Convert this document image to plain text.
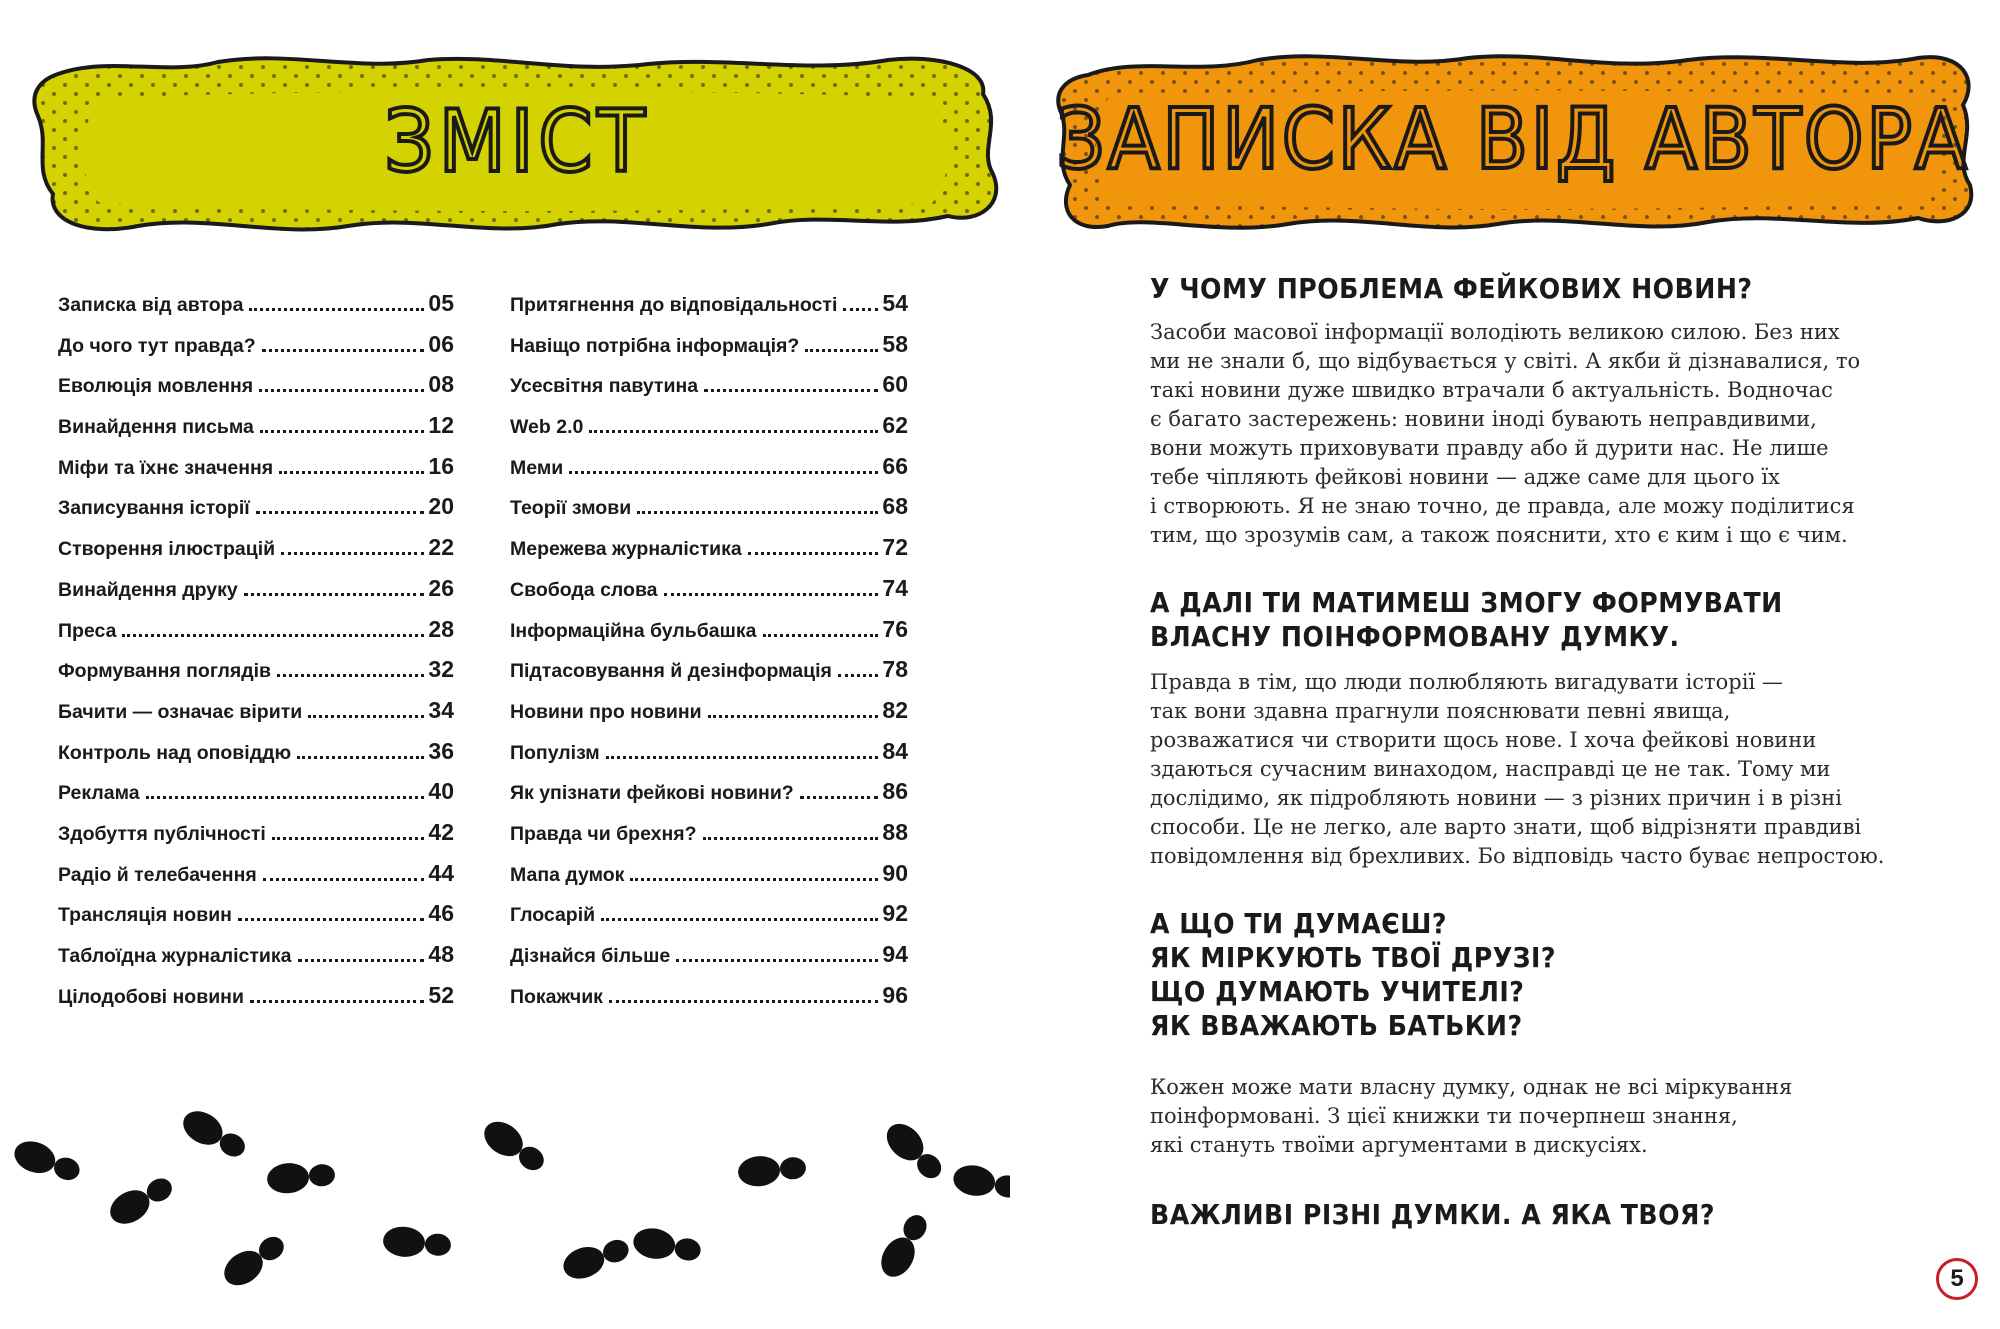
ЗМІСТ	ЗАПИСКА ВІД АВТОРА
Записка від автора	05
До чого тут правда?	06
Еволюція мовлення	08
Винайдення письма	12
Міфи та їхнє значення	16
Записування історії	20
Створення ілюстрацій	22
Винайдення друку	26
Преса	28
Формування поглядів	32
Бачити — означає вірити	34
Контроль над оповіддю	36
Реклама	40
Здобуття публічності	42
Радіо й телебачення	44
Трансляція новин	46
Таблоїдна журналістика	48
Цілодобові новини	52
Притягнення до відповідальності 54
Навіщо потрібна інформація?	58
Усесвітня павутина	60
Web 2.0	62
Меми	66
Теорії змови	68
Мережева журналістика	72
Свобода слова	74
Інформаційна бульбашка	76
Підтасовування й дезінформація 78
Новини про новини	82
Популізм	84
Як упізнати фейкові новини?	86
Правда чи брехня?	88
Мапа думок	90
Глосарій	92
Дізнайся більше	94
Покажчик	96
У ЧОМУ ПРОБЛЕМА ФЕЙКОВИХ НОВИН?

Засоби масової інформації володіють великою силою. Без них
ми не знали б, що відбувається у світі. А якби й дізнавалися, то
такі новини дуже швидко втрачали б актуальність. Водночас
є багато застережень: новини іноді бувають неправдивими,
вони можуть приховувати правду або й дурити нас. Не лише
тебе чіпляють фейкові новини — адже саме для цього їх
і створюють. Я не знаю точно, де правда, але можу поділитися
тим, що зрозумів сам, а також пояснити, хто є ким і що є чим.

А ДАЛІ ТИ МАТИМЕШ ЗМОГУ ФОРМУВАТИ
ВЛАСНУ ПОІНФОРМОВАНУ ДУМКУ.

Правда в тім, що люди полюбляють вигадувати історії —
так вони здавна прагнули пояснювати певні явища,
розважатися чи створити щось нове. І хоча фейкові новини
здаються сучасним винаходом, насправді це не так. Тому ми
дослідимо, як підробляють новини — з різних причин і в різні
способи. Це не легко, але варто знати, щоб відрізняти правдиві
повідомлення від брехливих. Бо відповідь часто буває непростою.

А ЩО ТИ ДУМАЄШ?
ЯК МІРКУЮТЬ ТВОЇ ДРУЗІ?
ЩО ДУМАЮТЬ УЧИТЕЛІ?
ЯК ВВАЖАЮТЬ БАТЬКИ?

Кожен може мати власну думку, однак не всі міркування
поінформовані. З цієї книжки ти почерпнеш знання,
які стануть твоїми аргументами в дискусіях.

ВАЖЛИВІ РІЗНІ ДУМКИ. А ЯКА ТВОЯ?
5
